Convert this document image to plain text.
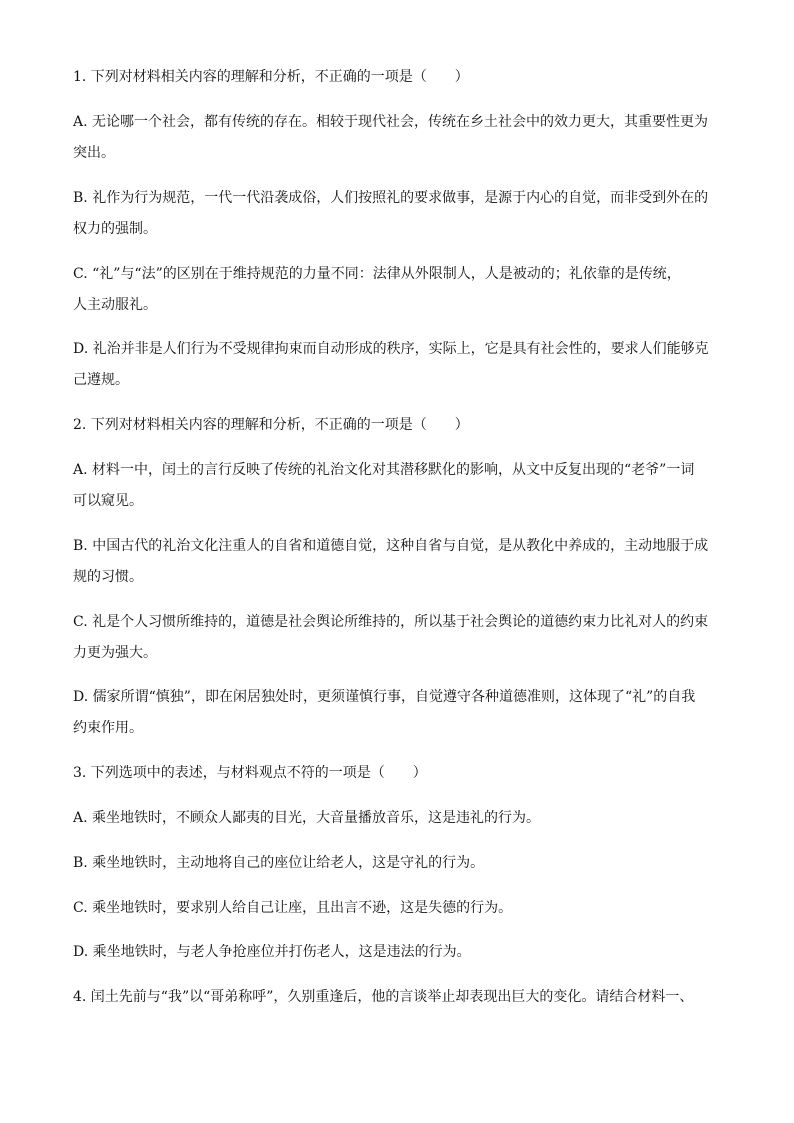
1. 下列对材料相关内容的理解和分析，不正确的一项是（　　）
A. 无论哪一个社会，都有传统的存在。相较于现代社会，传统在乡土社会中的效力更大，其重要性更为
突出。
B. 礼作为行为规范，一代一代沿袭成俗，人们按照礼的要求做事，是源于内心的自觉，而非受到外在的
权力的强制。
C. “礼”与“法”的区别在于维持规范的力量不同：法律从外限制人，人是被动的；礼依靠的是传统，
人主动服礼。
D. 礼治并非是人们行为不受规律拘束而自动形成的秩序，实际上，它是具有社会性的，要求人们能够克
己遵规。
2. 下列对材料相关内容的理解和分析，不正确的一项是（　　）
A. 材料一中，闰土的言行反映了传统的礼治文化对其潜移默化的影响，从文中反复出现的“老爷”一词
可以窥见。
B. 中国古代的礼治文化注重人的自省和道德自觉，这种自省与自觉，是从教化中养成的，主动地服于成
规的习惯。
C. 礼是个人习惯所维持的，道德是社会舆论所维持的，所以基于社会舆论的道德约束力比礼对人的约束
力更为强大。
D. 儒家所谓“慎独”，即在闲居独处时，更须谨慎行事，自觉遵守各种道德准则，这体现了“礼”的自我
约束作用。
3. 下列选项中的表述，与材料观点不符的一项是（　　）
A. 乘坐地铁时，不顾众人鄙夷的目光，大音量播放音乐，这是违礼的行为。
B. 乘坐地铁时，主动地将自己的座位让给老人，这是守礼的行为。
C. 乘坐地铁时，要求别人给自己让座，且出言不逊，这是失德的行为。
D. 乘坐地铁时，与老人争抢座位并打伤老人，这是违法的行为。
4. 闰土先前与“我”以“哥弟称呼”，久别重逢后，他的言谈举止却表现出巨大的变化。请结合材料一、
